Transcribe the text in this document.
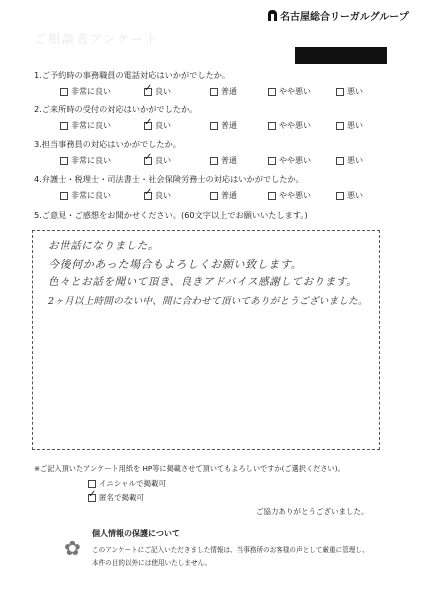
名古屋総合リーガルグループ
ご相談者アンケート
1.ご予約時の事務職員の電話対応はいかがでしたか。
非常に良い ✓	良い	普通	やや悪い	悪い
2.ご来所時の受付の対応はいかがでしたか。
非常に良い ✓	良い	普通	やや悪い	悪い
3.担当事務員の対応はいかがでしたか。
非常に良い ✓	良い	普通	やや悪い	悪い
4.弁護士・税理士・司法書士・社会保険労務士の対応はいかがでしたか。
非常に良い ✓	良い	普通	やや悪い	悪い
5.ご意見・ご感想をお聞かせください。(60文字以上でお願いいたします。)
お世話になりました。
今後何かあった場合もよろしくお願い致します。
色々とお話を聞いて頂き、良きアドバイス感謝しております。
2ヶ月以上時間のない中、間に合わせて頂いてありがとうございました。
※ご記入頂いたアンケート用紙を HP等に掲載させて頂いてもよろしいですか(ご選択ください)。
イニシャルで掲載可
✓
匿名で掲載可
ご協力ありがとうございました。
✿
個人情報の保護について
このアンケートにご記入いただきました情報は、当事務所のお客様の声として厳重に管理し、
本件の目的以外には使用いたしません。
